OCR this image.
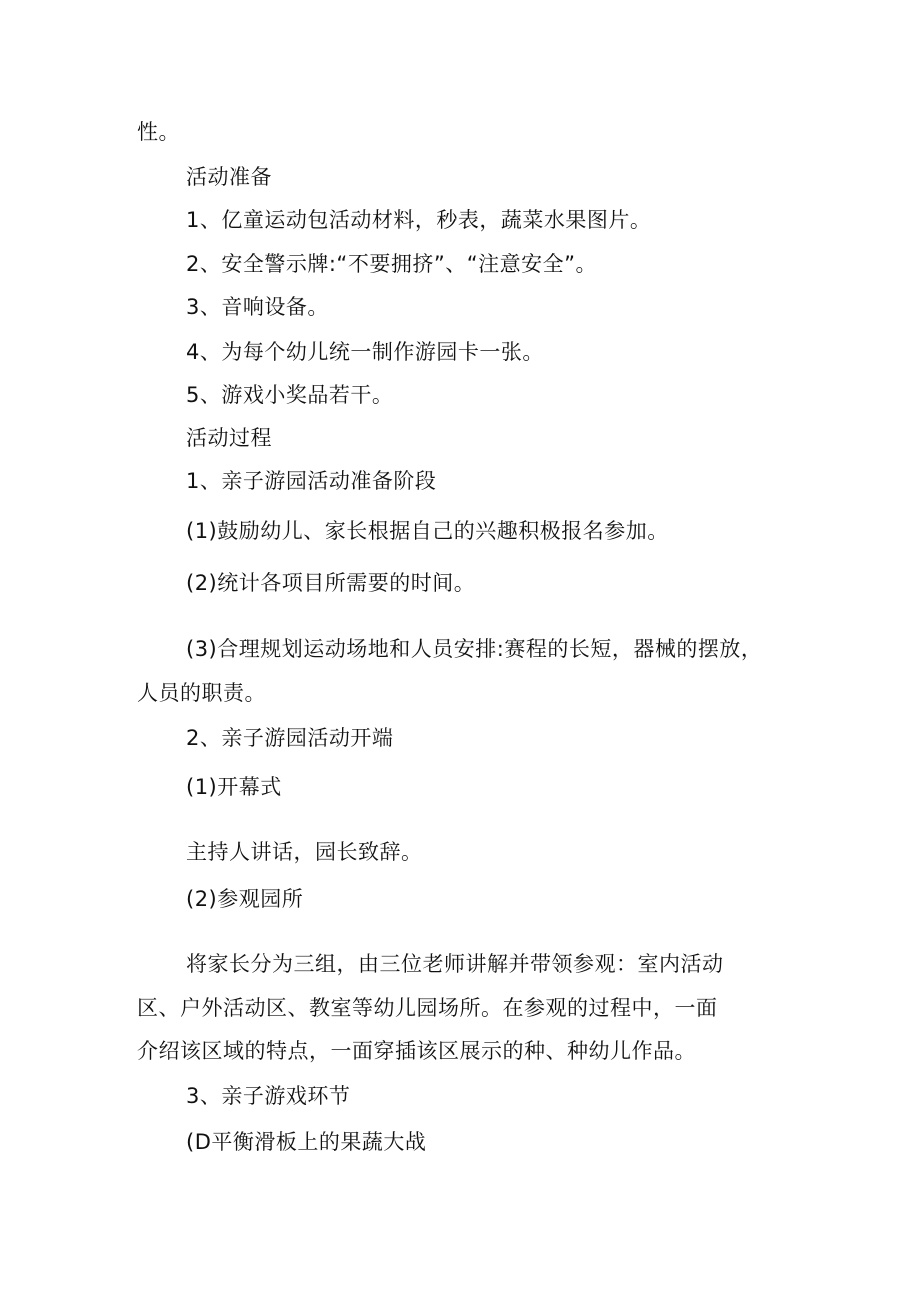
性。
活动准备
1、亿童运动包活动材料，秒表，蔬菜水果图片。
2、安全警示牌:“不要拥挤”、“注意安全”。
3、音响设备。
4、为每个幼儿统一制作游园卡一张。
5、游戏小奖品若干。
活动过程
1、亲子游园活动准备阶段
(1)鼓励幼儿、家长根据自己的兴趣积极报名参加。
(2)统计各项目所需要的时间。
(3)合理规划运动场地和人员安排:赛程的长短，器械的摆放，
人员的职责。
2、亲子游园活动开端
(1)开幕式
主持人讲话，园长致辞。
(2)参观园所
将家长分为三组，由三位老师讲解并带领参观：室内活动
区、户外活动区、教室等幼儿园场所。在参观的过程中，一面
介绍该区域的特点，一面穿插该区展示的种、种幼儿作品。
3、亲子游戏环节
(D平衡滑板上的果蔬大战
